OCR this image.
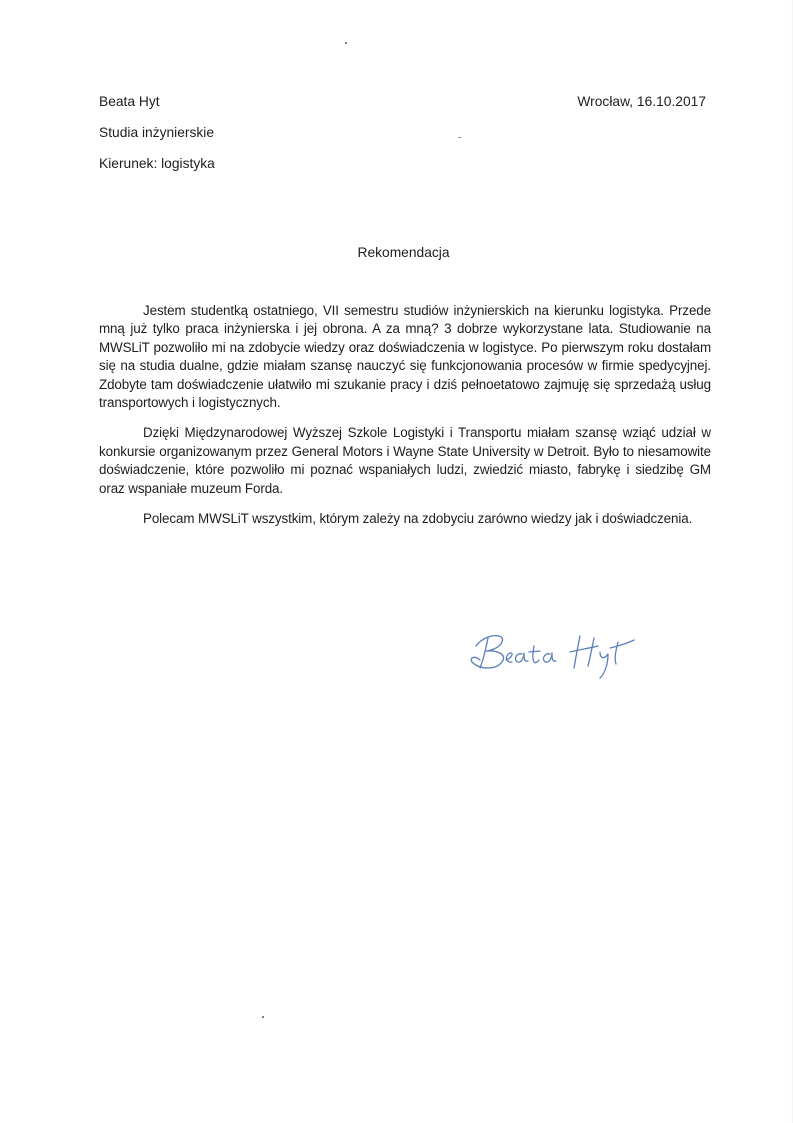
Beata Hyt
Studia inżynierskie
Kierunek: logistyka
Wrocław, 16.10.2017
Rekomendacja

Jestem studentką ostatniego, VII semestru studiów inżynierskich na kierunku logistyka. Przede mną już tylko praca inżynierska i jej obrona. A za mną? 3 dobrze wykorzystane lata. Studiowanie na MWSLiT pozwoliło mi na zdobycie wiedzy oraz doświadczenia w logistyce. Po pierwszym roku dostałam się na studia dualne, gdzie miałam szansę nauczyć się funkcjonowania procesów w firmie spedycyjnej. Zdobyte tam doświadczenie ułatwiło mi szukanie pracy i dziś pełnoetatowo zajmuję się sprzedażą usług transportowych i logistycznych.

Dzięki Międzynarodowej Wyższej Szkole Logistyki i Transportu miałam szansę wziąć udział w konkursie organizowanym przez General Motors i Wayne State University w Detroit. Było to niesamowite doświadczenie, które pozwoliło mi poznać wspaniałych ludzi, zwiedzić miasto, fabrykę i siedzibę GM oraz wspaniałe muzeum Forda.

Polecam MWSLiT wszystkim, którym zależy na zdobyciu zarówno wiedzy jak i doświadczenia.
